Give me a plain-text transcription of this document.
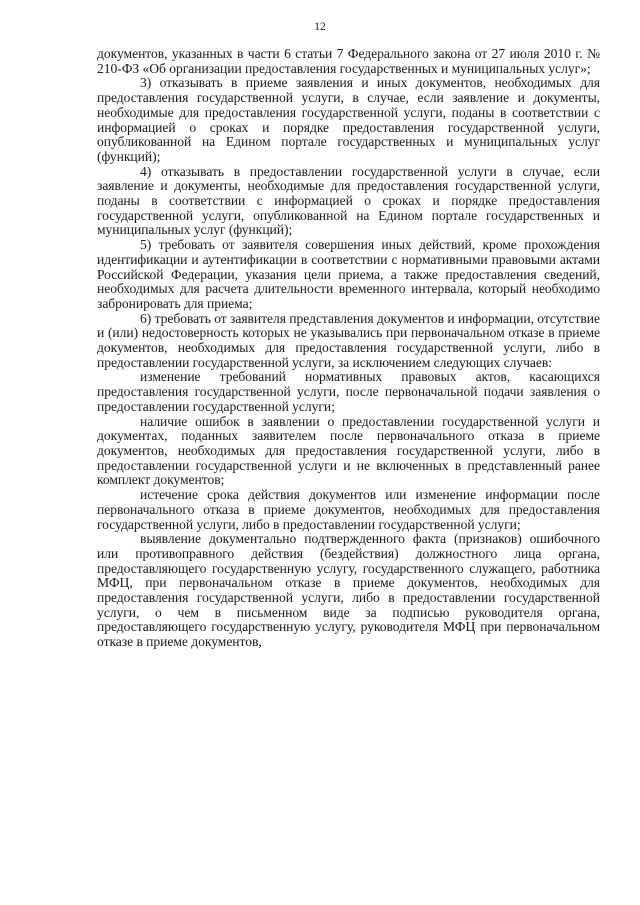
12

документов, указанных в части 6 статьи 7 Федерального закона от 27 июля 2010 г. № 210-ФЗ «Об организации предоставления государственных и муниципальных услуг»;

3) отказывать в приеме заявления и иных документов, необходимых для предоставления государственной услуги, в случае, если заявление и документы, необходимые для предоставления государственной услуги, поданы в соответствии с информацией о сроках и порядке предоставления государственной услуги, опубликованной на Едином портале государственных и муниципальных услуг (функций);

4) отказывать в предоставлении государственной услуги в случае, если заявление и документы, необходимые для предоставления государственной услуги, поданы в соответствии с информацией о сроках и порядке предоставления государственной услуги, опубликованной на Едином портале государственных и муниципальных услуг (функций);

5) требовать от заявителя совершения иных действий, кроме прохождения идентификации и аутентификации в соответствии с нормативными правовыми актами Российской Федерации, указания цели приема, а также предоставления сведений, необходимых для расчета длительности временного интервала, который необходимо забронировать для приема;

6) требовать от заявителя представления документов и информации, отсутствие и (или) недостоверность которых не указывались при первоначальном отказе в приеме документов, необходимых для предоставления государственной услуги, либо в предоставлении государственной услуги, за исключением следующих случаев:

изменение требований нормативных правовых актов, касающихся предоставления государственной услуги, после первоначальной подачи заявления о предоставлении государственной услуги;

наличие ошибок в заявлении о предоставлении государственной услуги и документах, поданных заявителем после первоначального отказа в приеме документов, необходимых для предоставления государственной услуги, либо в предоставлении государственной услуги и не включенных в представленный ранее комплект документов;

истечение срока действия документов или изменение информации после первоначального отказа в приеме документов, необходимых для предоставления государственной услуги, либо в предоставлении государственной услуги;

выявление документально подтвержденного факта (признаков) ошибочного или противоправного действия (бездействия) должностного лица органа, предоставляющего государственную услугу, государственного служащего, работника МФЦ, при первоначальном отказе в приеме документов, необходимых для предоставления государственной услуги, либо в предоставлении государственной услуги, о чем в письменном виде за подписью руководителя органа, предоставляющего государственную услугу, руководителя МФЦ при первоначальном отказе в приеме документов,
